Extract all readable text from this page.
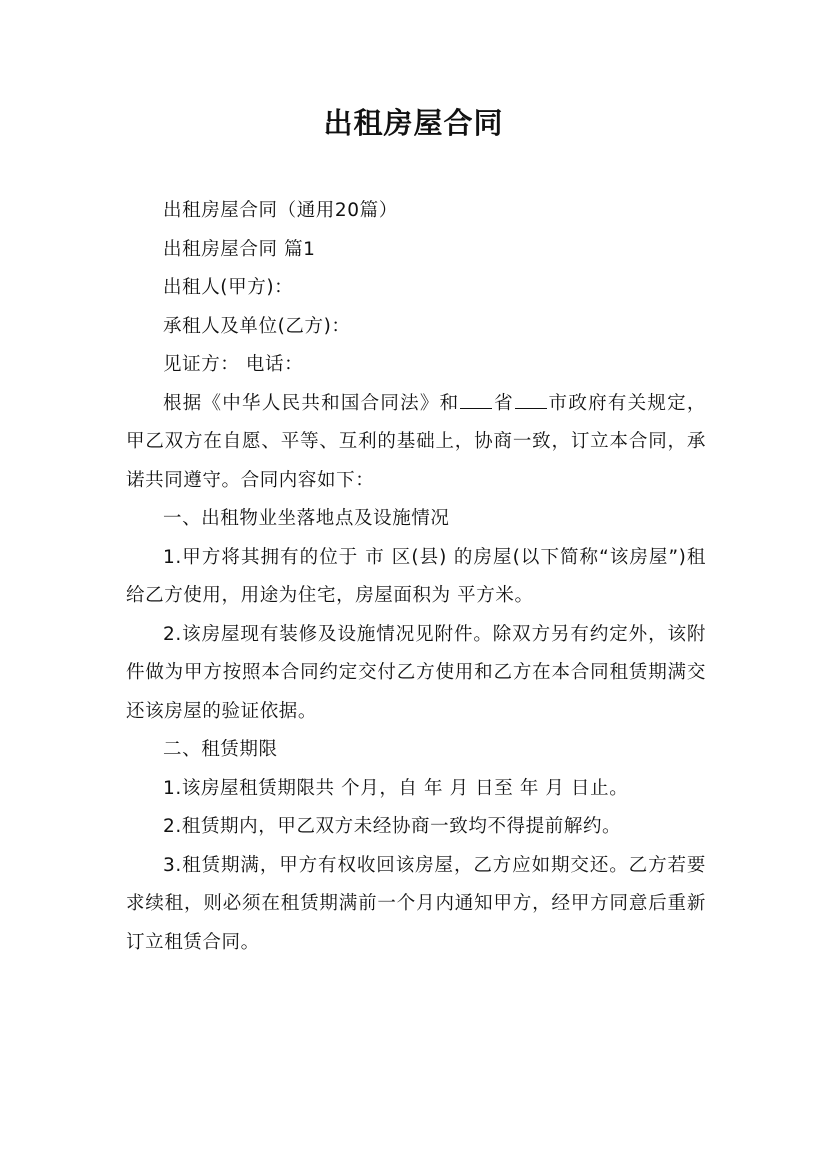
出租房屋合同

出租房屋合同（通用20篇）

出租房屋合同 篇1

出租人(甲方)：

承租人及单位(乙方)：

见证方： 电话：

根据《中华人民共和国合同法》和 省 市政府有关规定，甲乙双方在自愿、平等、互利的基础上，协商一致，订立本合同，承诺共同遵守。合同内容如下：

一、出租物业坐落地点及设施情况

1.甲方将其拥有的位于 市 区(县) 的房屋(以下简称“该房屋”)租给乙方使用，用途为住宅，房屋面积为 平方米。

2.该房屋现有装修及设施情况见附件。除双方另有约定外，该附件做为甲方按照本合同约定交付乙方使用和乙方在本合同租赁期满交还该房屋的验证依据。

二、租赁期限

1.该房屋租赁期限共 个月，自 年 月 日至 年 月 日止。

2.租赁期内，甲乙双方未经协商一致均不得提前解约。

3.租赁期满，甲方有权收回该房屋，乙方应如期交还。乙方若要求续租，则必须在租赁期满前一个月内通知甲方，经甲方同意后重新订立租赁合同。
